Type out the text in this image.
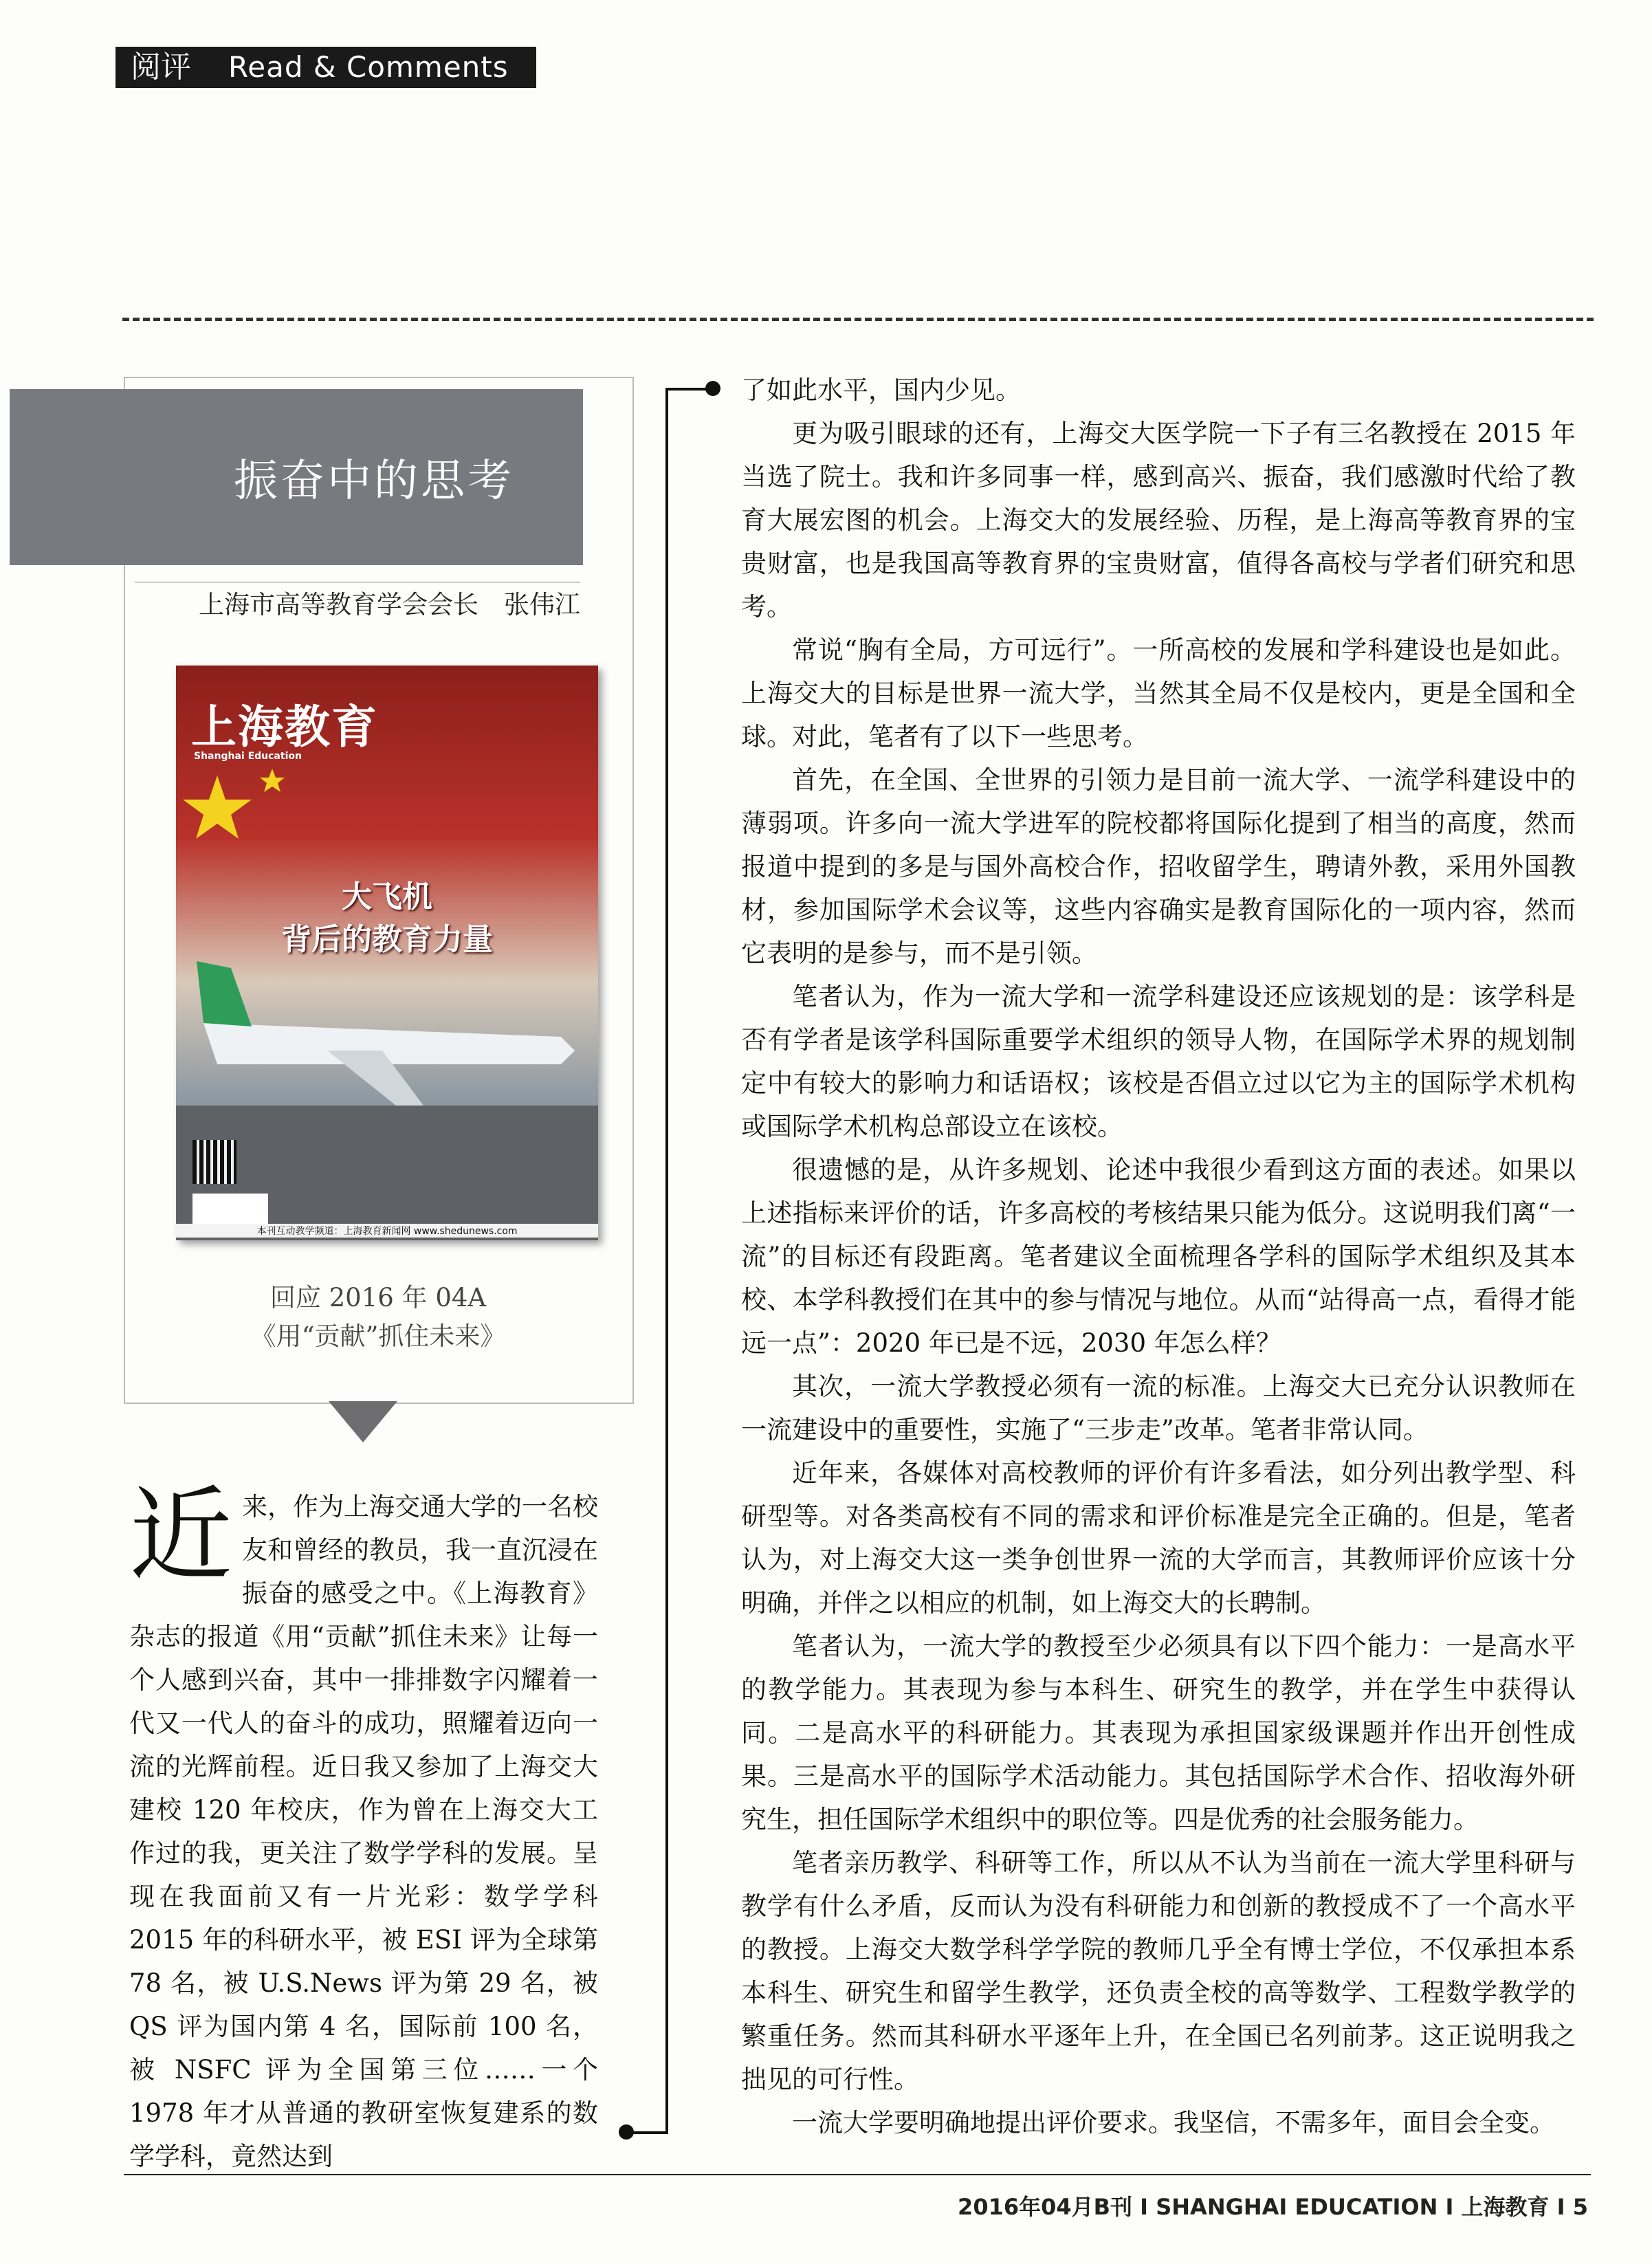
阅评 Read & Comments
振奋中的思考
上海市高等教育学会会长　张伟江
上海教育
Shanghai Education
大飞机
背后的教育力量
本刊互动教学频道：上海教育新闻网 www.shedunews.com
回应 2016 年 04A
《用“贡献”抓住未来》

近来，作为上海交通大学的一名校友和曾经的教员，我一直沉浸在振奋的感受之中。《上海教育》杂志的报道《用“贡献”抓住未来》让每一个人感到兴奋，其中一排排数字闪耀着一代又一代人的奋斗的成功，照耀着迈向一流的光辉前程。近日我又参加了上海交大建校 120 年校庆，作为曾在上海交大工作过的我，更关注了数学学科的发展。呈现在我面前又有一片光彩：数学学科 2015 年的科研水平，被 ESI 评为全球第 78 名，被 U.S.News 评为第 29 名，被 QS 评为国内第 4 名，国际前 100 名，被 NSFC 评为全国第三位……一个 1978 年才从普通的教研室恢复建系的数学学科，竟然达到

了如此水平，国内少见。

更为吸引眼球的还有，上海交大医学院一下子有三名教授在 2015 年当选了院士。我和许多同事一样，感到高兴、振奋，我们感激时代给了教育大展宏图的机会。上海交大的发展经验、历程，是上海高等教育界的宝贵财富，也是我国高等教育界的宝贵财富，值得各高校与学者们研究和思考。

常说“胸有全局，方可远行”。一所高校的发展和学科建设也是如此。上海交大的目标是世界一流大学，当然其全局不仅是校内，更是全国和全球。对此，笔者有了以下一些思考。

首先，在全国、全世界的引领力是目前一流大学、一流学科建设中的薄弱项。许多向一流大学进军的院校都将国际化提到了相当的高度，然而报道中提到的多是与国外高校合作，招收留学生，聘请外教，采用外国教材，参加国际学术会议等，这些内容确实是教育国际化的一项内容，然而它表明的是参与，而不是引领。

笔者认为，作为一流大学和一流学科建设还应该规划的是：该学科是否有学者是该学科国际重要学术组织的领导人物，在国际学术界的规划制定中有较大的影响力和话语权；该校是否倡立过以它为主的国际学术机构或国际学术机构总部设立在该校。

很遗憾的是，从许多规划、论述中我很少看到这方面的表述。如果以上述指标来评价的话，许多高校的考核结果只能为低分。这说明我们离“一流”的目标还有段距离。笔者建议全面梳理各学科的国际学术组织及其本校、本学科教授们在其中的参与情况与地位。从而“站得高一点，看得才能远一点”：2020 年已是不远，2030 年怎么样？

其次，一流大学教授必须有一流的标准。上海交大已充分认识教师在一流建设中的重要性，实施了“三步走”改革。笔者非常认同。

近年来，各媒体对高校教师的评价有许多看法，如分列出教学型、科研型等。对各类高校有不同的需求和评价标准是完全正确的。但是，笔者认为，对上海交大这一类争创世界一流的大学而言，其教师评价应该十分明确，并伴之以相应的机制，如上海交大的长聘制。

笔者认为，一流大学的教授至少必须具有以下四个能力：一是高水平的教学能力。其表现为参与本科生、研究生的教学，并在学生中获得认同。二是高水平的科研能力。其表现为承担国家级课题并作出开创性成果。三是高水平的国际学术活动能力。其包括国际学术合作、招收海外研究生，担任国际学术组织中的职位等。四是优秀的社会服务能力。

笔者亲历教学、科研等工作，所以从不认为当前在一流大学里科研与教学有什么矛盾，反而认为没有科研能力和创新的教授成不了一个高水平的教授。上海交大数学科学学院的教师几乎全有博士学位，不仅承担本系本科生、研究生和留学生教学，还负责全校的高等数学、工程数学教学的繁重任务。然而其科研水平逐年上升，在全国已名列前茅。这正说明我之拙见的可行性。

一流大学要明确地提出评价要求。我坚信，不需多年，面目会全变。

2016年04月B刊 I SHANGHAI EDUCATION I 上海教育 I 5
